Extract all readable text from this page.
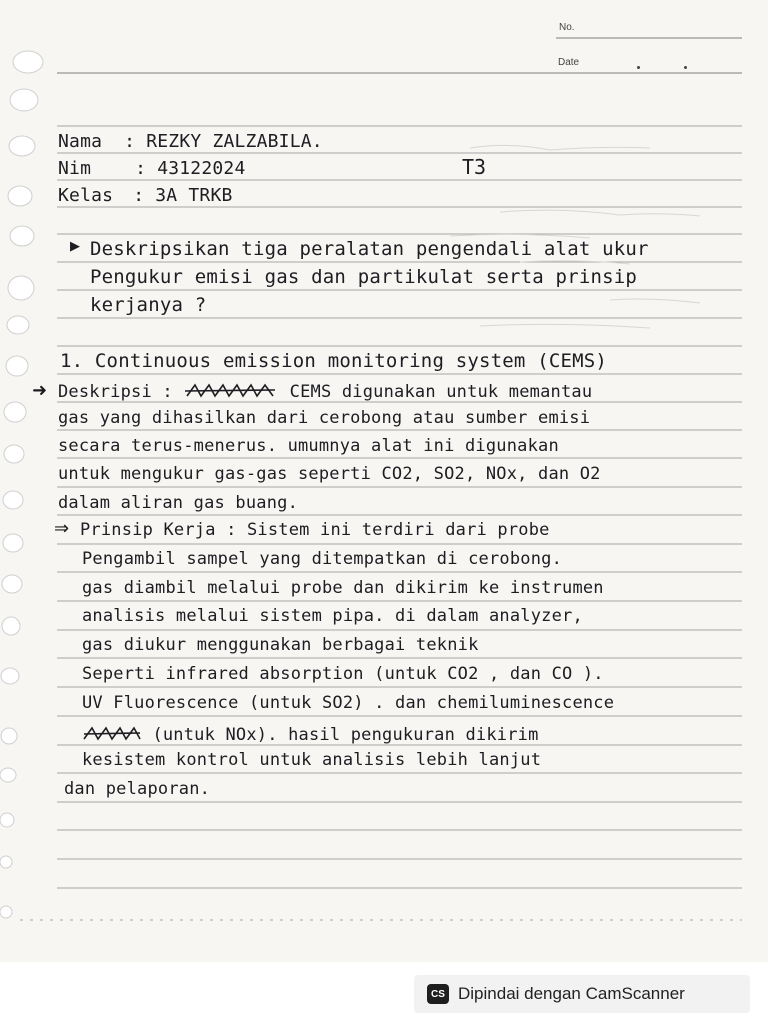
No.
Date
Nama : REZKY ZALZABILA.
Nim : 43122024	T3
Kelas : 3A TRKB
▶ Deskripsikan tiga peralatan pengendali alat ukur
Pengukur emisi gas dan partikulat serta prinsip
kerjanya ?
1. Continuous emission monitoring system (CEMS)
➜ Deskripsi :	CEMS digunakan untuk memantau
gas yang dihasilkan dari cerobong atau sumber emisi
secara terus-menerus. umumnya alat ini digunakan
untuk mengukur gas-gas seperti CO2, SO2, NOx, dan O2
dalam aliran gas buang.
⇒ Prinsip Kerja : Sistem ini terdiri dari probe
Pengambil sampel yang ditempatkan di cerobong.
gas diambil melalui probe dan dikirim ke instrumen
analisis melalui sistem pipa. di dalam analyzer,
gas diukur menggunakan berbagai teknik
Seperti infrared absorption (untuk CO2 , dan CO ).
UV Fluorescence (untuk SO2) . dan chemiluminescence
(untuk NOx). hasil pengukuran dikirim
kesistem kontrol untuk analisis lebih lanjut
dan pelaporan.
CS Dipindai dengan CamScanner
